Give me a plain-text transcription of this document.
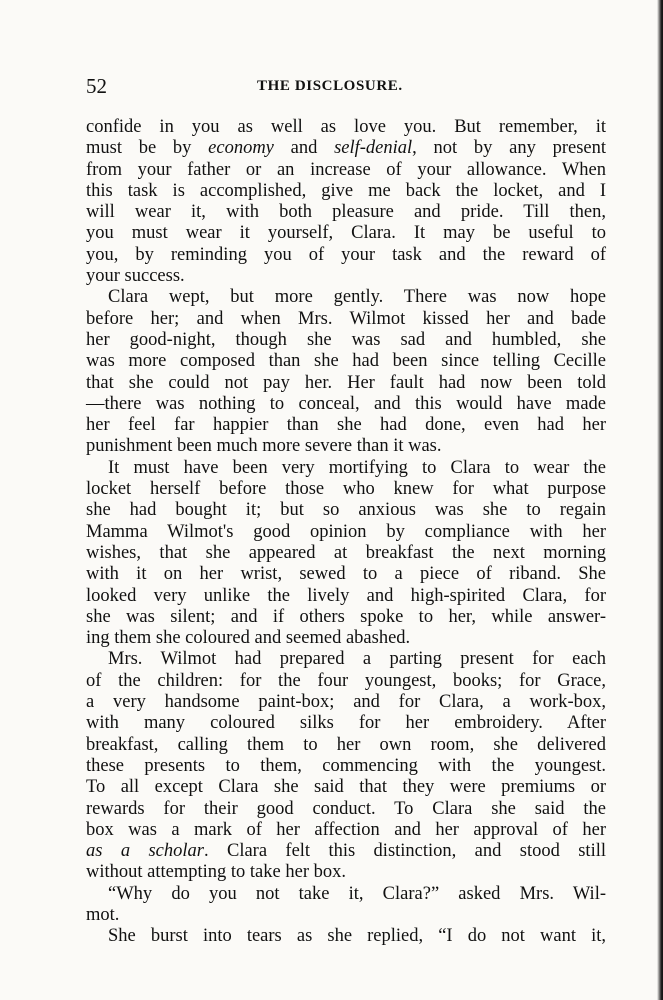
52	THE DISCLOSURE.
confide in you as well as love you. But remember, it
must be by economy and self-denial, not by any present
from your father or an increase of your allowance. When
this task is accomplished, give me back the locket, and I
will wear it, with both pleasure and pride. Till then,
you must wear it yourself, Clara. It may be useful to
you, by reminding you of your task and the reward of
your success.
Clara wept, but more gently. There was now hope
before her; and when Mrs. Wilmot kissed her and bade
her good-night, though she was sad and humbled, she
was more composed than she had been since telling Cecille
that she could not pay her. Her fault had now been told
—there was nothing to conceal, and this would have made
her feel far happier than she had done, even had her
punishment been much more severe than it was.
It must have been very mortifying to Clara to wear the
locket herself before those who knew for what purpose
she had bought it; but so anxious was she to regain
Mamma Wilmot's good opinion by compliance with her
wishes, that she appeared at breakfast the next morning
with it on her wrist, sewed to a piece of riband. She
looked very unlike the lively and high-spirited Clara, for
she was silent; and if others spoke to her, while answer-
ing them she coloured and seemed abashed.
Mrs. Wilmot had prepared a parting present for each
of the children: for the four youngest, books; for Grace,
a very handsome paint-box; and for Clara, a work-box,
with many coloured silks for her embroidery. After
breakfast, calling them to her own room, she delivered
these presents to them, commencing with the youngest.
To all except Clara she said that they were premiums or
rewards for their good conduct. To Clara she said the
box was a mark of her affection and her approval of her
as a scholar. Clara felt this distinction, and stood still
without attempting to take her box.
“Why do you not take it, Clara?” asked Mrs. Wil-
mot.
She burst into tears as she replied, “I do not want it,
